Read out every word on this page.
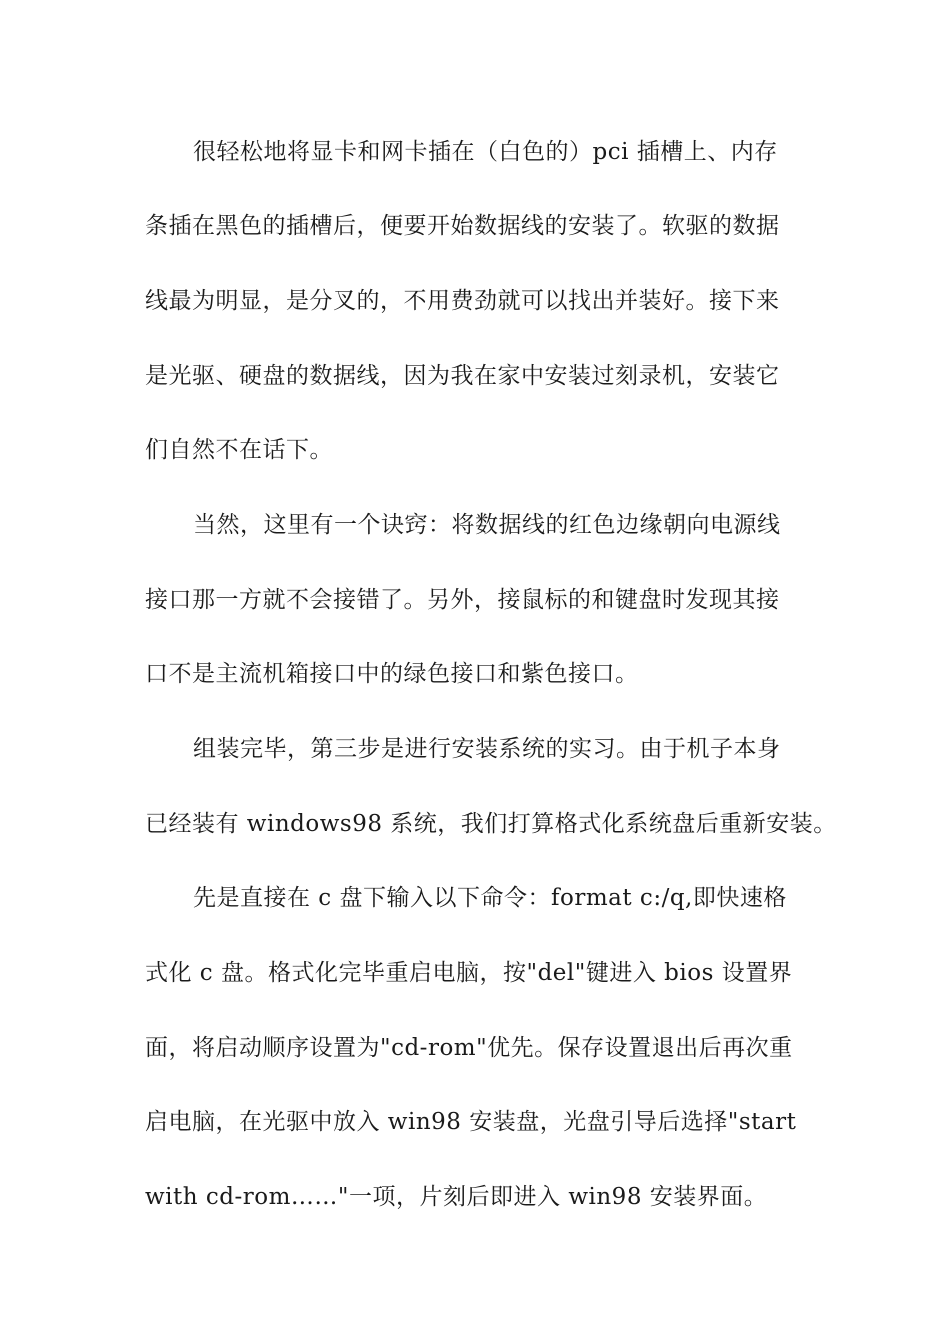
很轻松地将显卡和网卡插在（白色的）pci 插槽上、内存
条插在黑色的插槽后，便要开始数据线的安装了。软驱的数据
线最为明显，是分叉的，不用费劲就可以找出并装好。接下来
是光驱、硬盘的数据线，因为我在家中安装过刻录机，安装它
们自然不在话下。
当然，这里有一个诀窍：将数据线的红色边缘朝向电源线
接口那一方就不会接错了。另外，接鼠标的和键盘时发现其接
口不是主流机箱接口中的绿色接口和紫色接口。
组装完毕，第三步是进行安装系统的实习。由于机子本身
已经装有 windows98 系统，我们打算格式化系统盘后重新安装。
先是直接在 c 盘下输入以下命令：format c:/q,即快速格
式化 c 盘。格式化完毕重启电脑，按"del"键进入 bios 设置界
面，将启动顺序设置为"cd-rom"优先。保存设置退出后再次重
启电脑，在光驱中放入 win98 安装盘，光盘引导后选择"start
with cd-rom……"一项，片刻后即进入 win98 安装界面。
